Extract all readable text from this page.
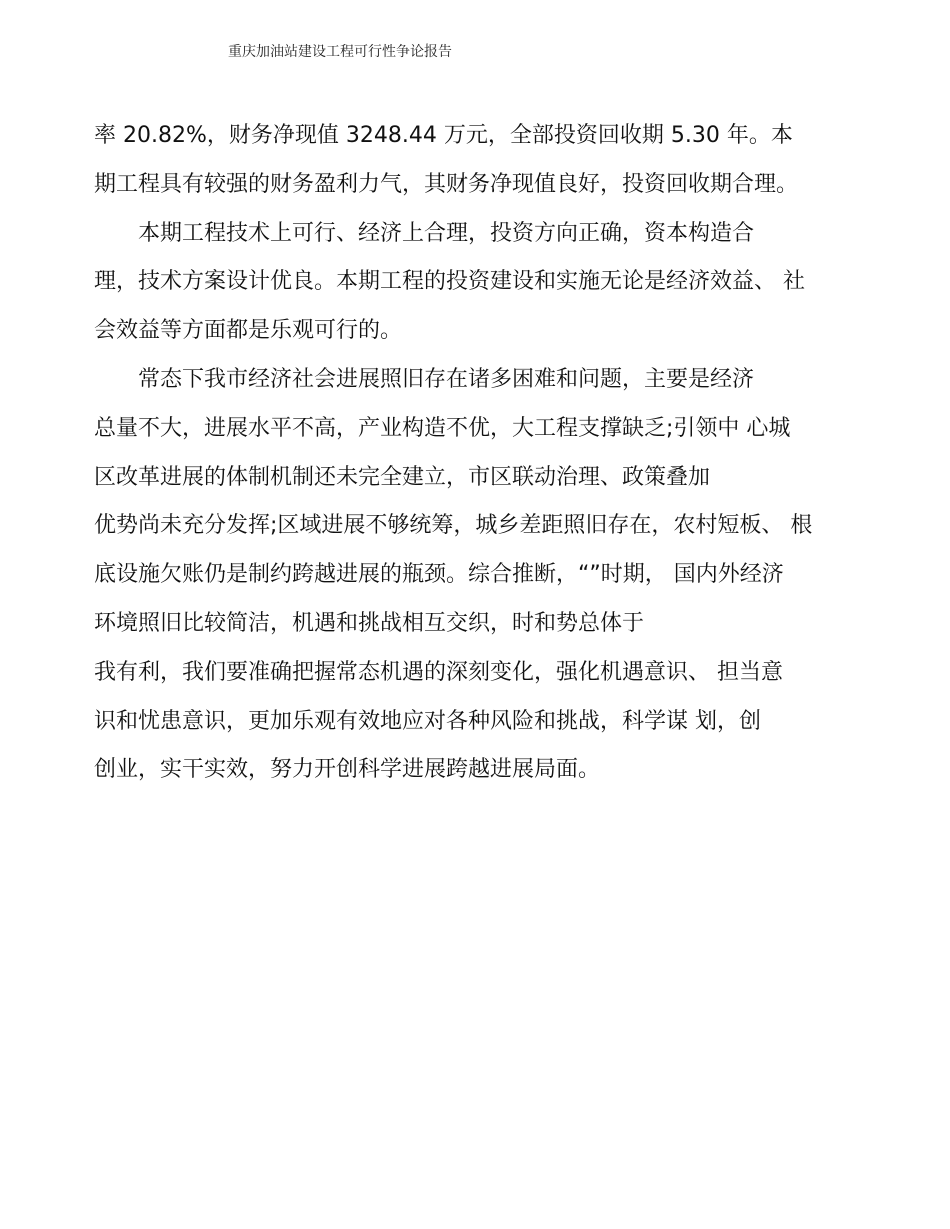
重庆加油站建设工程可行性争论报告
率 20.82%，财务净现值 3248.44 万元，全部投资回收期 5.30 年。本
期工程具有较强的财务盈利力气，其财务净现值良好，投资回收期合理。
本期工程技术上可行、经济上合理，投资方向正确，资本构造合
理，技术方案设计优良。本期工程的投资建设和实施无论是经济效益、 社
会效益等方面都是乐观可行的。
常态下我市经济社会进展照旧存在诸多困难和问题，主要是经济
总量不大，进展水平不高，产业构造不优，大工程支撑缺乏;引领中 心城
区改革进展的体制机制还未完全建立，市区联动治理、政策叠加
优势尚未充分发挥;区域进展不够统筹，城乡差距照旧存在，农村短板、 根
底设施欠账仍是制约跨越进展的瓶颈。综合推断，“”时期， 国内外经济
环境照旧比较简洁，机遇和挑战相互交织，时和势总体于
我有利，我们要准确把握常态机遇的深刻变化，强化机遇意识、 担当意
识和忧患意识，更加乐观有效地应对各种风险和挑战，科学谋 划，创
创业，实干实效，努力开创科学进展跨越进展局面。
